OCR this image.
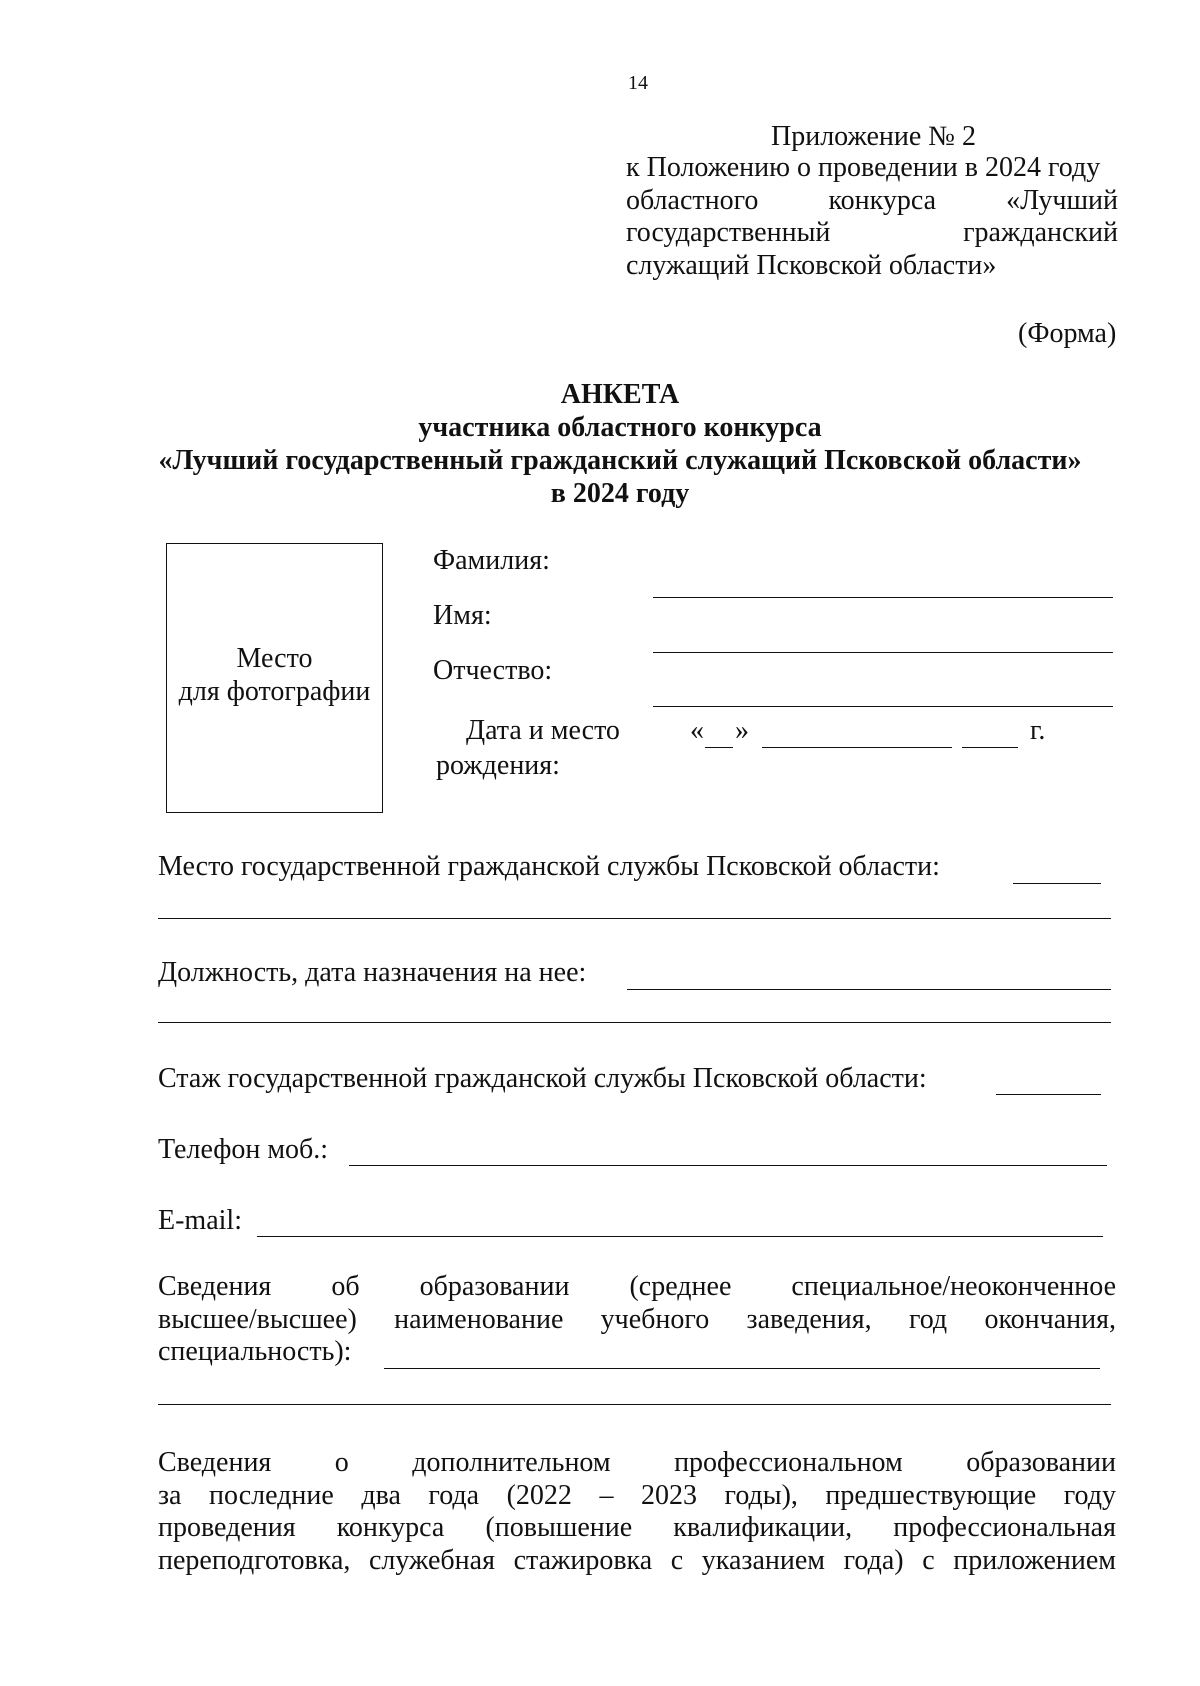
14
Приложение № 2
к Положению о проведении в 2024 году
областного конкурса «Лучший
государственный гражданский
служащий Псковской области»
(Форма)
АНКЕТА
участника областного конкурса
«Лучший государственный гражданский служащий Псковской области»
в 2024 году
Место
для фотографии
Фамилия:
Имя:
Отчество:
Дата и место
рождения:
« »	г.
Место государственной гражданской службы Псковской области:
Должность, дата назначения на нее:
Стаж государственной гражданской службы Псковской области:
Телефон моб.:
E-mail:
Сведения об образовании (среднее специальное/неоконченное
высшее/высшее) наименование учебного заведения, год окончания,
специальность):
Сведения о дополнительном профессиональном образовании
за последние два года (2022 – 2023 годы), предшествующие году
проведения конкурса (повышение квалификации, профессиональная
переподготовка, служебная стажировка с указанием года) с приложением
